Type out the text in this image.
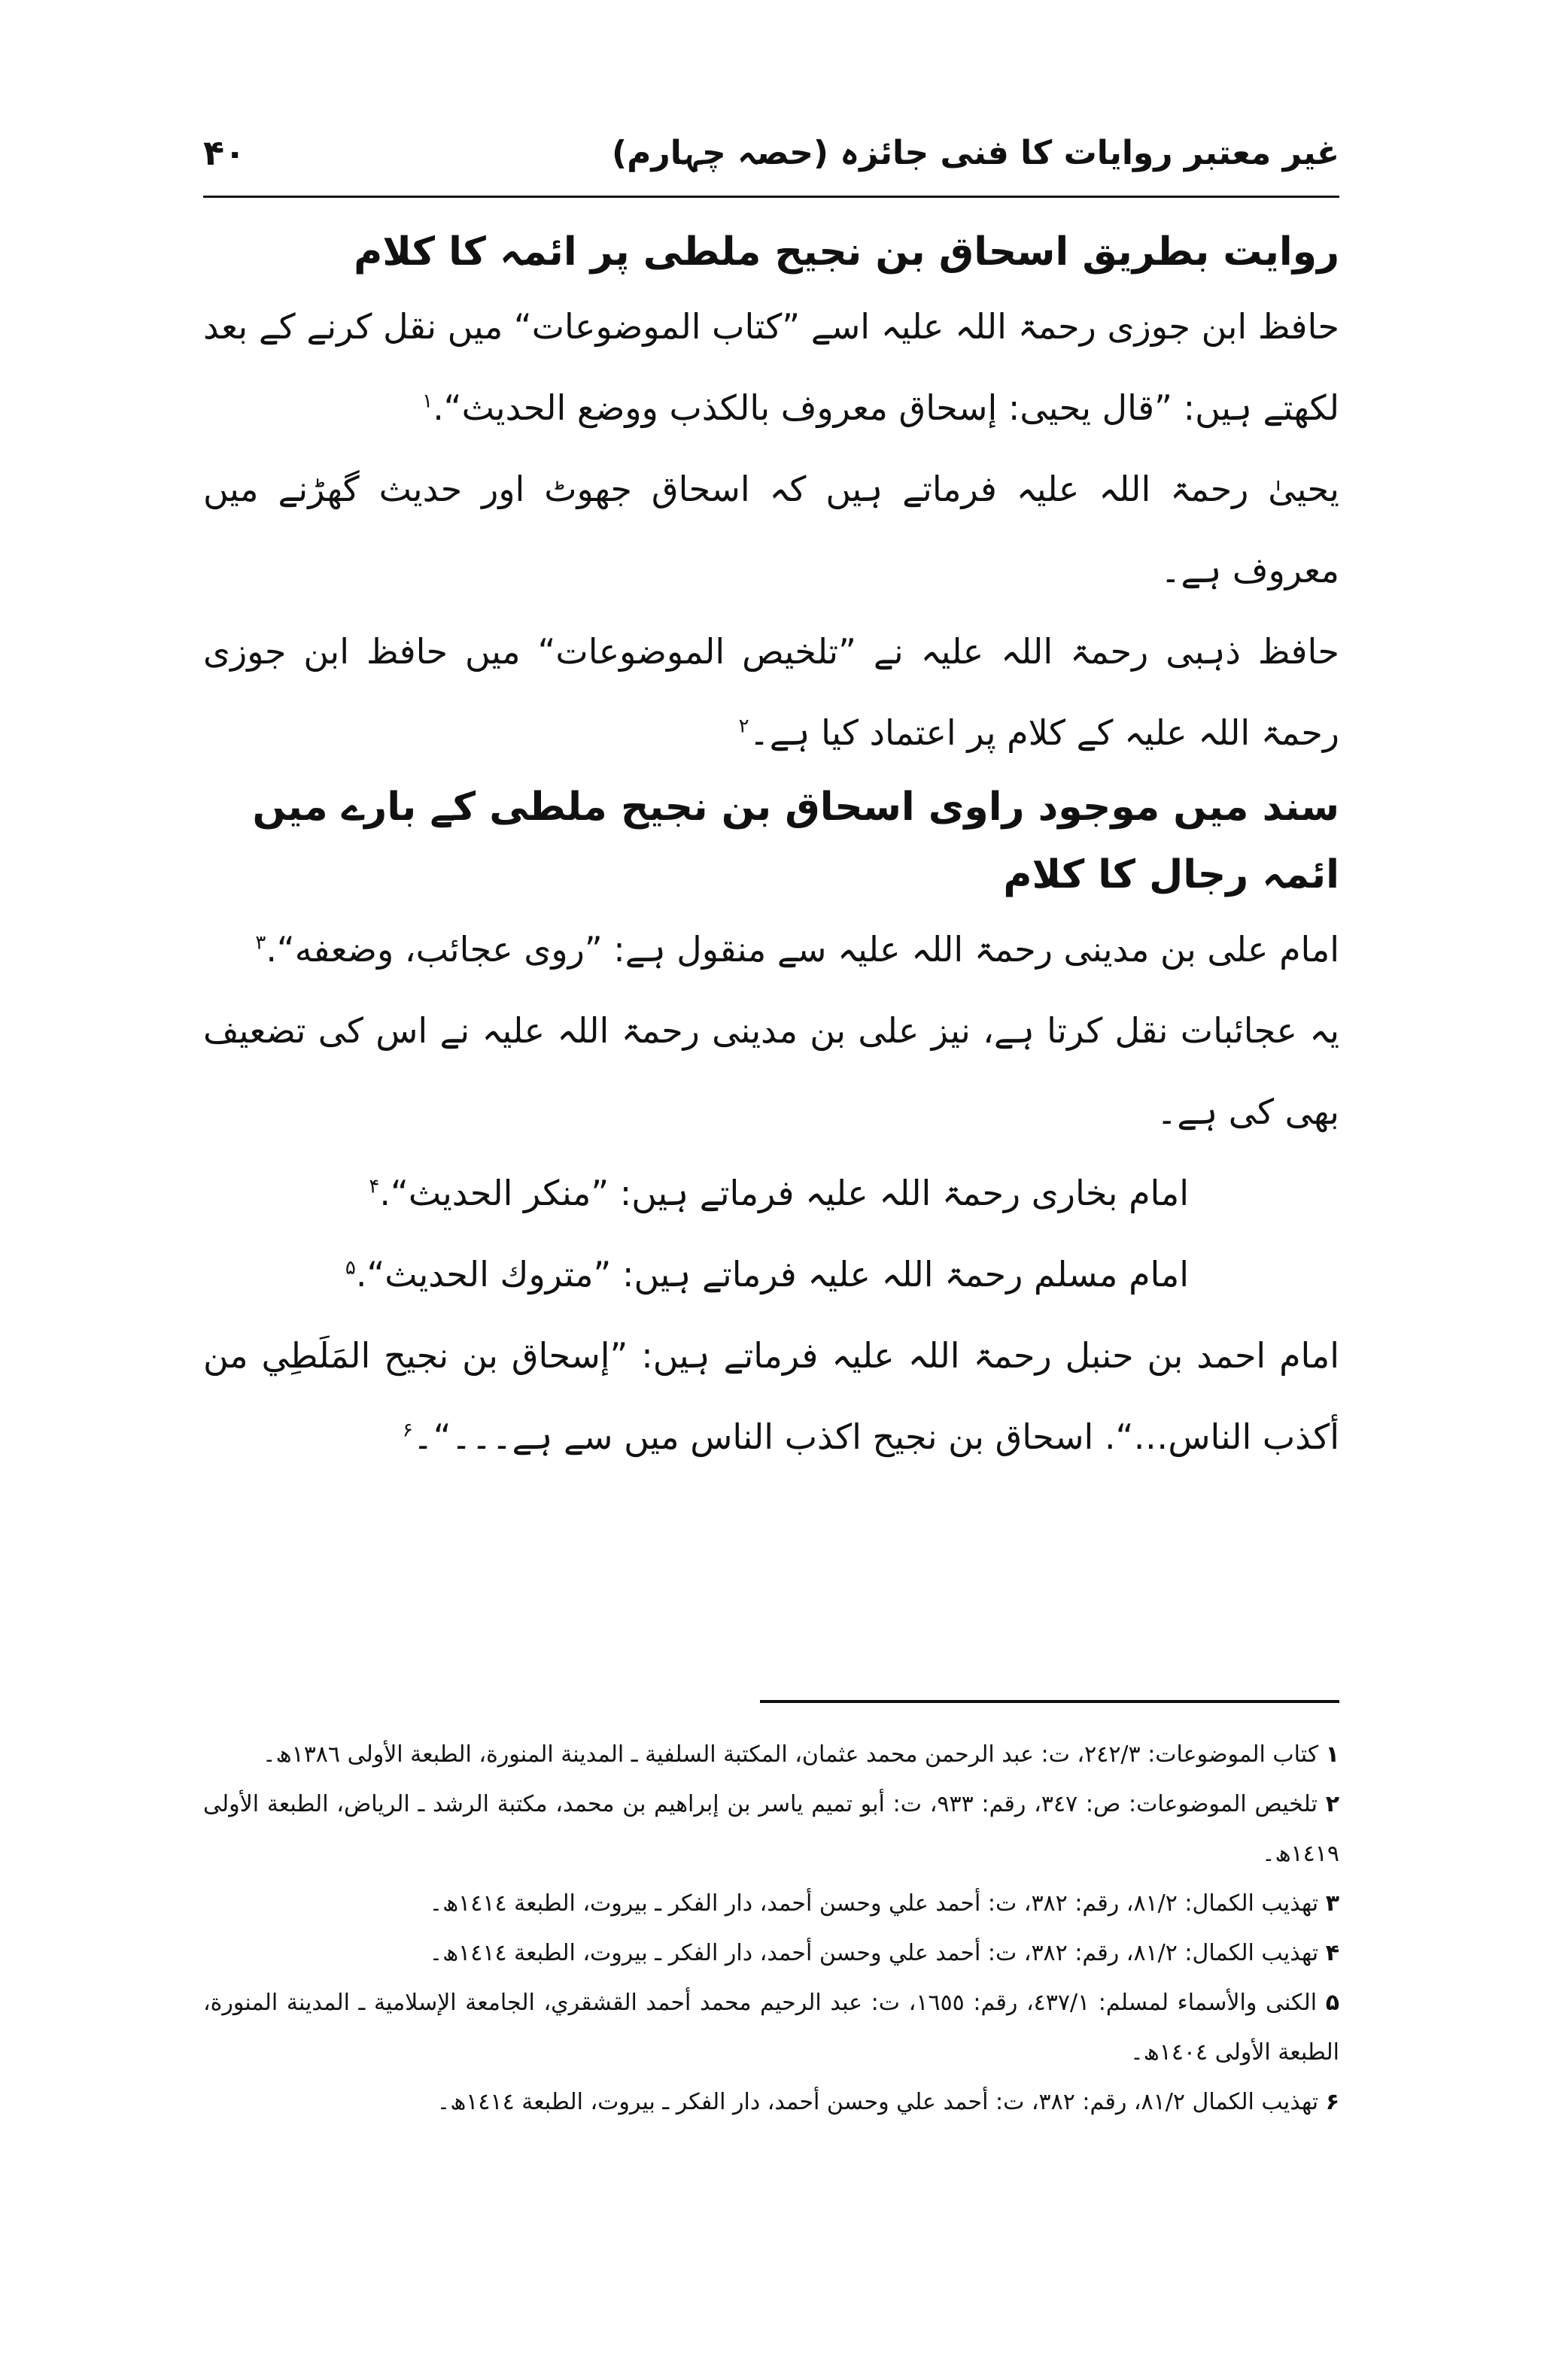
غیر معتبر روایات کا فنی جائزہ (حصہ چہارم)
۴۰
روایت بطریق اسحاق بن نجیح ملطی پر ائمہ کا کلام

حافظ ابن جوزی رحمۃ اللہ علیہ اسے ”کتاب الموضوعات“ میں نقل کرنے کے بعد لکھتے ہیں: ”قال يحيى: إسحاق معروف بالكذب ووضع الحديث“.$^۱$

یحییٰ رحمۃ اللہ علیہ فرماتے ہیں کہ اسحاق جھوٹ اور حدیث گھڑنے میں معروف ہے۔

حافظ ذہبی رحمۃ اللہ علیہ نے ”تلخيص الموضوعات“ میں حافظ ابن جوزی رحمۃ اللہ علیہ کے کلام پر اعتماد کیا ہے۔$^۲$

سند میں موجود راوی اسحاق بن نجیح ملطی کے بارے میں ائمہ رجال کا کلام

امام علی بن مدینی رحمۃ اللہ علیہ سے منقول ہے: ”روى عجائب، وضعفه“.$^۳$

یہ عجائبات نقل کرتا ہے، نیز علی بن مدینی رحمۃ اللہ علیہ نے اس کی تضعیف بھی کی ہے۔

امام بخاری رحمۃ اللہ علیہ فرماتے ہیں: ”منكر الحديث“.$^۴$

امام مسلم رحمۃ اللہ علیہ فرماتے ہیں: ”متروك الحديث“.$^۵$

امام احمد بن حنبل رحمۃ اللہ علیہ فرماتے ہیں: ”إسحاق بن نجيح المَلَطِي من أكذب الناس…“. اسحاق بن نجیح اکذب الناس میں سے ہے۔۔۔“۔$^۶$

۱ كتاب الموضوعات: ٢٤٢/٣، ت: عبد الرحمن محمد عثمان، المكتبة السلفية ـ المدينة المنورة، الطبعة الأولى ١٣٨٦ھ۔

۲ تلخيص الموضوعات: ص: ٣٤٧، رقم: ٩٣٣، ت: أبو تميم ياسر بن إبراهيم بن محمد، مكتبة الرشد ـ الرياض، الطبعة الأولى ١٤١٩ھ۔

۳ تهذيب الكمال: ٨١/٢، رقم: ٣٨٢، ت: أحمد علي وحسن أحمد، دار الفكر ـ بيروت، الطبعة ١٤١٤ھ۔

۴ تهذيب الكمال: ٨١/٢، رقم: ٣٨٢، ت: أحمد علي وحسن أحمد، دار الفكر ـ بيروت، الطبعة ١٤١٤ھ۔

۵ الكنى والأسماء لمسلم: ٤٣٧/١، رقم: ١٦٥٥، ت: عبد الرحيم محمد أحمد القشقري، الجامعة الإسلامية ـ المدينة المنورة، الطبعة الأولى ١٤٠٤ھ۔

۶ تهذيب الكمال ٨١/٢، رقم: ٣٨٢، ت: أحمد علي وحسن أحمد، دار الفكر ـ بيروت، الطبعة ١٤١٤ھ۔
